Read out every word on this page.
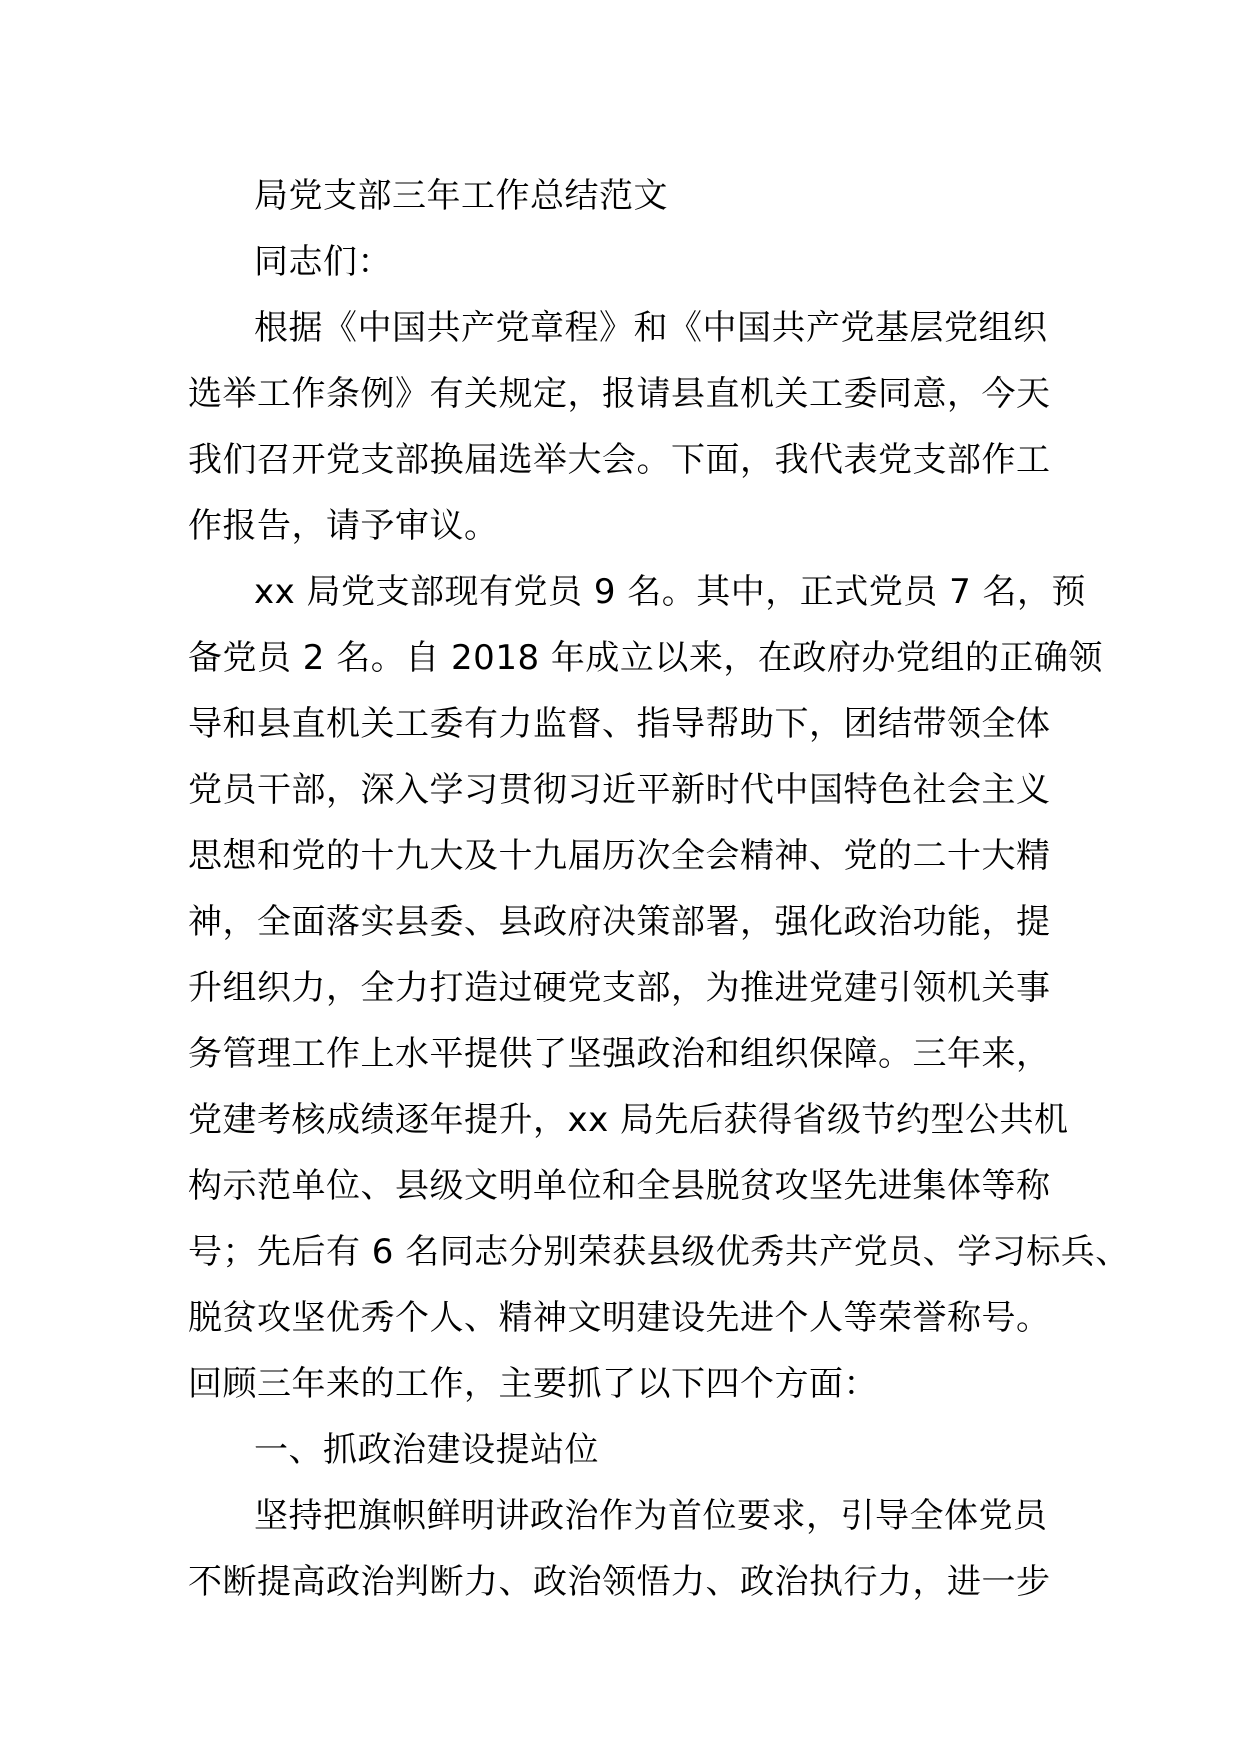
局党支部三年工作总结范文
同志们：
根据《中国共产党章程》和《中国共产党基层党组织
选举工作条例》有关规定，报请县直机关工委同意，今天
我们召开党支部换届选举大会。下面，我代表党支部作工
作报告，请予审议。
xx 局党支部现有党员 9 名。其中，正式党员 7 名，预
备党员 2 名。自 2018 年成立以来，在政府办党组的正确领
导和县直机关工委有力监督、指导帮助下，团结带领全体
党员干部，深入学习贯彻习近平新时代中国特色社会主义
思想和党的十九大及十九届历次全会精神、党的二十大精
神，全面落实县委、县政府决策部署，强化政治功能，提
升组织力，全力打造过硬党支部，为推进党建引领机关事
务管理工作上水平提供了坚强政治和组织保障。三年来，
党建考核成绩逐年提升，xx 局先后获得省级节约型公共机
构示范单位、县级文明单位和全县脱贫攻坚先进集体等称
号；先后有 6 名同志分别荣获县级优秀共产党员、学习标兵、
脱贫攻坚优秀个人、精神文明建设先进个人等荣誉称号。
回顾三年来的工作，主要抓了以下四个方面：
一、抓政治建设提站位
坚持把旗帜鲜明讲政治作为首位要求，引导全体党员
不断提高政治判断力、政治领悟力、政治执行力，进一步
